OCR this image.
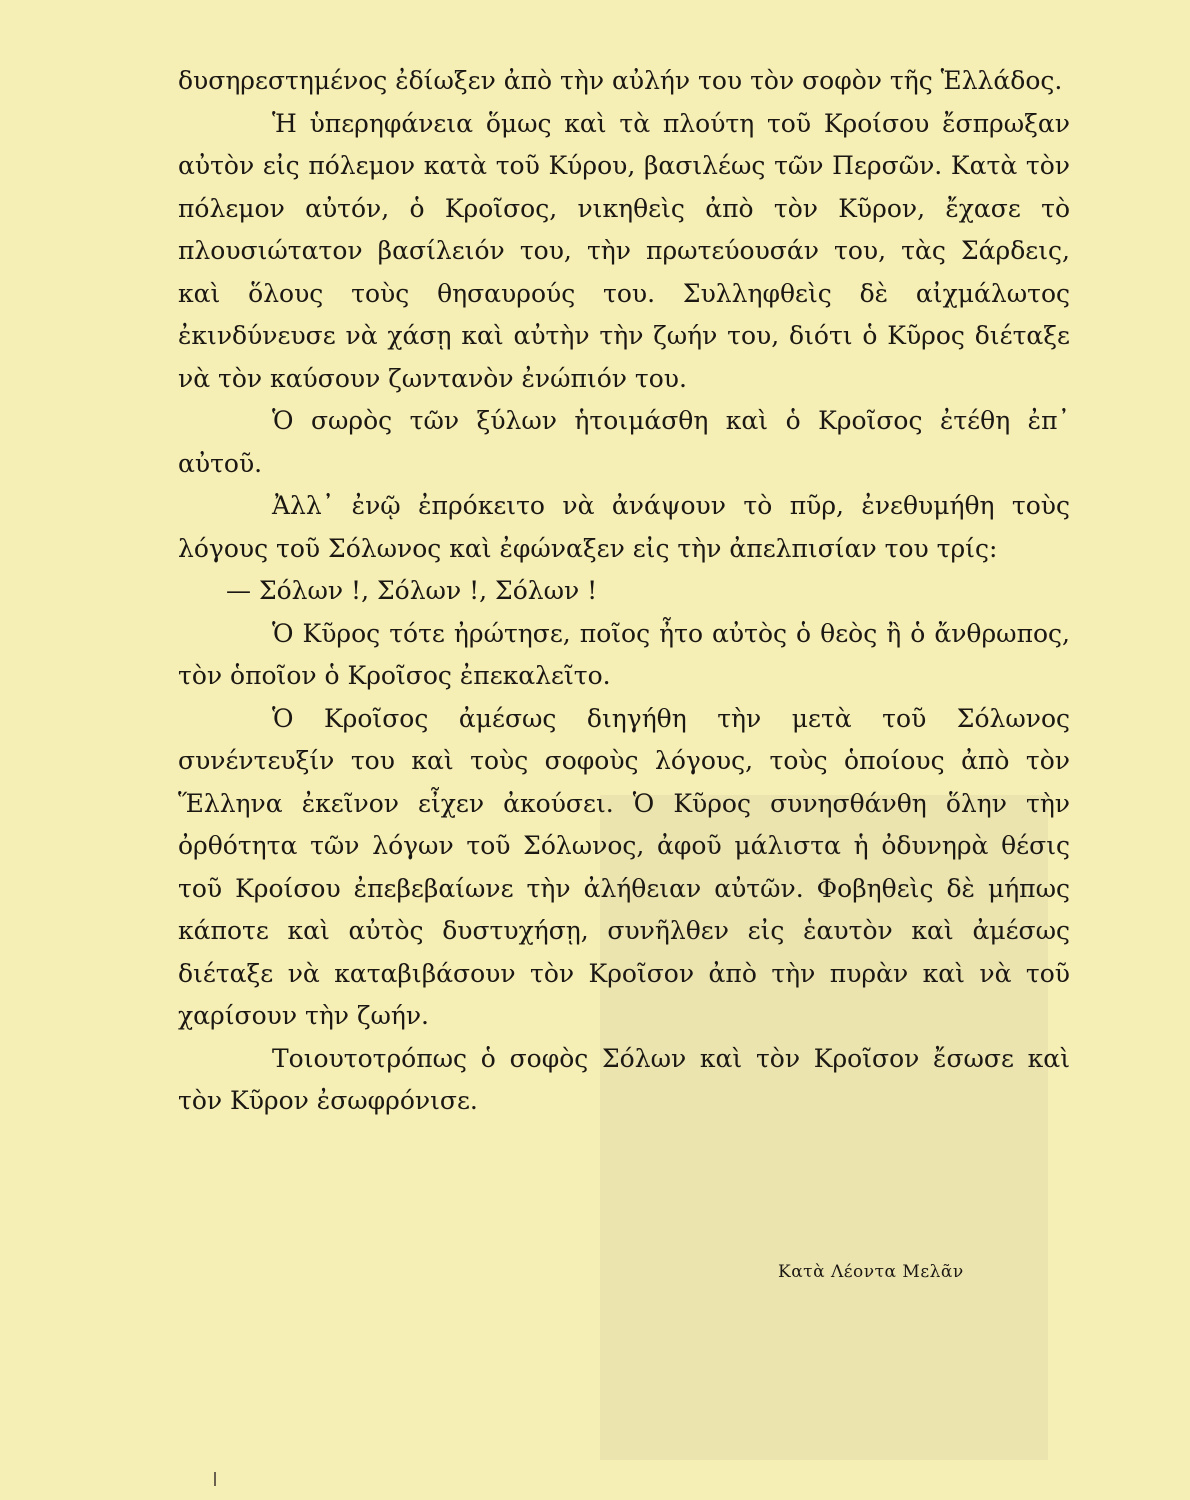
δυσηρεστημένος ἐδίωξεν ἀπὸ τὴν αὐλήν του τὸν σοφὸν τῆς Ἑλλάδος.

Ἡ ὑπερηφάνεια ὅμως καὶ τὰ πλούτη τοῦ Κροίσου ἔσπρωξαν αὐτὸν εἰς πόλεμον κατὰ τοῦ Κύρου, βασιλέως τῶν Περσῶν. Κατὰ τὸν πόλεμον αὐτόν, ὁ Κροῖσος, νικηθεὶς ἀπὸ τὸν Κῦρον, ἔχασε τὸ πλουσιώτατον βασίλειόν του, τὴν πρωτεύουσάν του, τὰς Σάρδεις, καὶ ὅλους τοὺς θησαυρούς του. Συλληφθεὶς δὲ αἰχμάλωτος ἐκινδύνευσε νὰ χάσῃ καὶ αὐτὴν τὴν ζωήν του, διότι ὁ Κῦρος διέταξε νὰ τὸν καύσουν ζωντανὸν ἐνώπιόν του.

Ὁ σωρὸς τῶν ξύλων ἡτοιμάσθη καὶ ὁ Κροῖσος ἐτέθη ἐπ᾿ αὐτοῦ.

Ἀλλ᾿ ἐνῷ ἐπρόκειτο νὰ ἀνάψουν τὸ πῦρ, ἐνεθυμήθη τοὺς λόγους τοῦ Σόλωνος καὶ ἐφώναξεν εἰς τὴν ἀπελπισίαν του τρίς:

— Σόλων !, Σόλων !, Σόλων !

Ὁ Κῦρος τότε ἠρώτησε, ποῖος ἦτο αὐτὸς ὁ θεὸς ἢ ὁ ἄνθρωπος, τὸν ὁποῖον ὁ Κροῖσος ἐπεκαλεῖτο.

Ὁ Κροῖσος ἀμέσως διηγήθη τὴν μετὰ τοῦ Σόλωνος συνέντευξίν του καὶ τοὺς σοφοὺς λόγους, τοὺς ὁποίους ἀπὸ τὸν Ἕλληνα ἐκεῖνον εἶχεν ἀκούσει. Ὁ Κῦρος συνησθάνθη ὅλην τὴν ὀρθότητα τῶν λόγων τοῦ Σόλωνος, ἀφοῦ μάλιστα ἡ ὀδυνηρὰ θέσις τοῦ Κροίσου ἐπεβεβαίωνε τὴν ἀλήθειαν αὐτῶν. Φοβηθεὶς δὲ μήπως κάποτε καὶ αὐτὸς δυστυχήσῃ, συνῆλθεν εἰς ἑαυτὸν καὶ ἀμέσως διέταξε νὰ καταβιβάσουν τὸν Κροῖσον ἀπὸ τὴν πυρὰν καὶ νὰ τοῦ χαρίσουν τὴν ζωήν.

Τοιουτοτρόπως ὁ σοφὸς Σόλων καὶ τὸν Κροῖσον ἔσωσε καὶ τὸν Κῦρον ἐσωφρόνισε.

Κατὰ Λέοντα Μελᾶν
